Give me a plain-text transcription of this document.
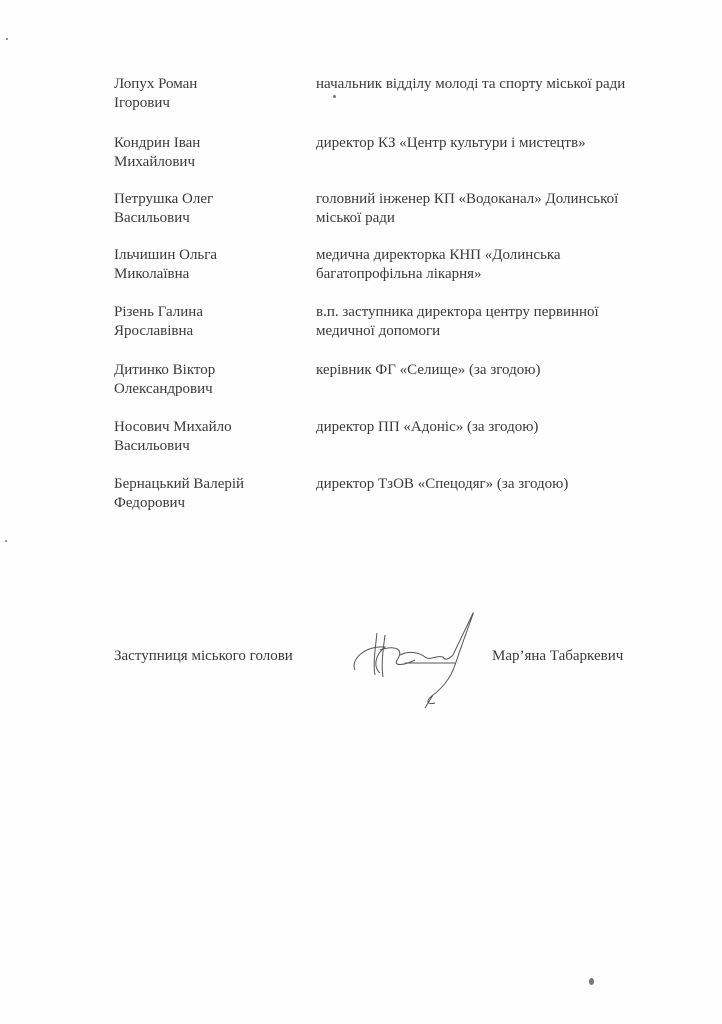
Лопух Роман
Ігорович
начальник відділу молоді та спорту міської ради
Кондрин Іван
Михайлович
директор КЗ «Центр культури і мистецтв»
Петрушка Олег
Васильович
головний інженер КП «Водоканал» Долинської
міської ради
Ільчишин Ольга
Миколаївна
медична директорка КНП «Долинська
багатопрофільна лікарня»
Різень Галина
Ярославівна
в.п. заступника директора центру первинної
медичної допомоги
Дитинко Віктор
Олександрович
керівник ФГ «Селище» (за згодою)
Носович Михайло
Васильович
директор ПП «Адоніс» (за згодою)
Бернацький Валерій
Федорович
директор ТзОВ «Спецодяг» (за згодою)
Заступниця міського голови	Мар’яна Табаркевич
